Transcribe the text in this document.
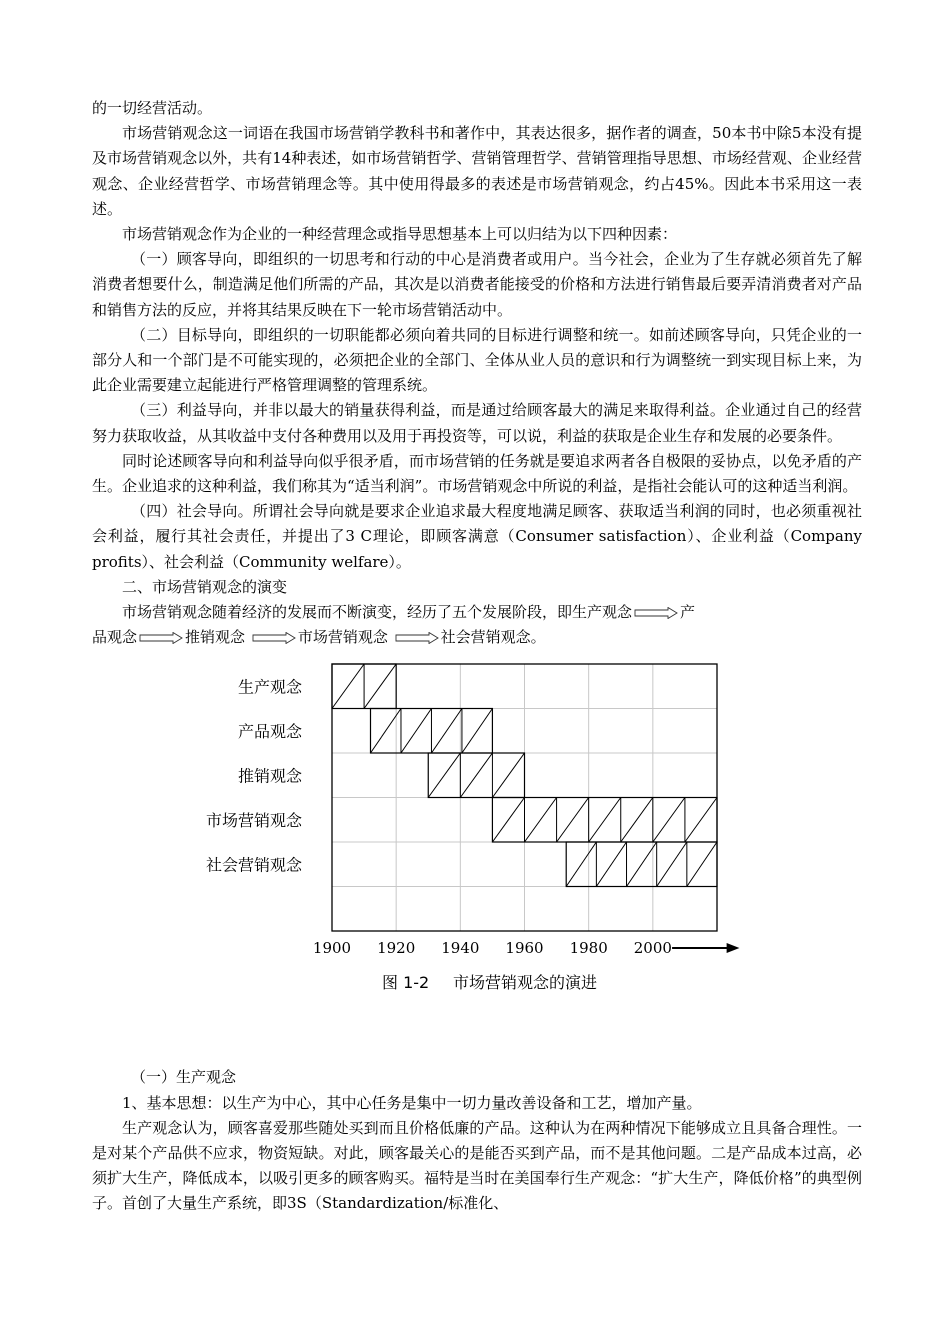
的一切经营活动。

市场营销观念这一词语在我国市场营销学教科书和著作中，其表达很多，据作者的调查，50本书中除5本没有提及市场营销观念以外，共有14种表述，如市场营销哲学、营销管理哲学、营销管理指导思想、市场经营观、企业经营观念、企业经营哲学、市场营销理念等。其中使用得最多的表述是市场营销观念，约占45%。因此本书采用这一表述。

市场营销观念作为企业的一种经营理念或指导思想基本上可以归结为以下四种因素：

（一）顾客导向，即组织的一切思考和行动的中心是消费者或用户。当今社会，企业为了生存就必须首先了解消费者想要什么，制造满足他们所需的产品，其次是以消费者能接受的价格和方法进行销售最后要弄清消费者对产品和销售方法的反应，并将其结果反映在下一轮市场营销活动中。

（二）目标导向，即组织的一切职能都必须向着共同的目标进行调整和统一。如前述顾客导向，只凭企业的一部分人和一个部门是不可能实现的，必须把企业的全部门、全体从业人员的意识和行为调整统一到实现目标上来，为此企业需要建立起能进行严格管理调整的管理系统。

（三）利益导向，并非以最大的销量获得利益，而是通过给顾客最大的满足来取得利益。企业通过自己的经营努力获取收益，从其收益中支付各种费用以及用于再投资等，可以说，利益的获取是企业生存和发展的必要条件。

同时论述顾客导向和利益导向似乎很矛盾，而市场营销的任务就是要追求两者各自极限的妥协点，以免矛盾的产生。企业追求的这种利益，我们称其为“适当利润”。市场营销观念中所说的利益，是指社会能认可的这种适当利润。

（四）社会导向。所谓社会导向就是要求企业追求最大程度地满足顾客、获取适当利润的同时，也必须重视社会利益，履行其社会责任，并提出了3 C理论，即顾客满意（Consumer satisfaction）、企业利益（Company profits）、社会利益（Community welfare）。

二、市场营销观念的演变

市场营销观念随着经济的发展而不断演变，经历了五个发展阶段，即生产观念	产

品观念	推销观念	市场营销观念	社会营销观念。

生产观念
产品观念
推销观念
市场营销观念
社会营销观念
1900 1920 1940 1960 1980 2000
图 1-2 市场营销观念的演进

（一）生产观念

1、基本思想：以生产为中心，其中心任务是集中一切力量改善设备和工艺，增加产量。

生产观念认为，顾客喜爱那些随处买到而且价格低廉的产品。这种认为在两种情况下能够成立且具备合理性。一是对某个产品供不应求，物资短缺。对此，顾客最关心的是能否买到产品，而不是其他问题。二是产品成本过高，必须扩大生产，降低成本，以吸引更多的顾客购买。福特是当时在美国奉行生产观念：“扩大生产，降低价格”的典型例子。首创了大量生产系统，即3S（Standardization/标准化、
